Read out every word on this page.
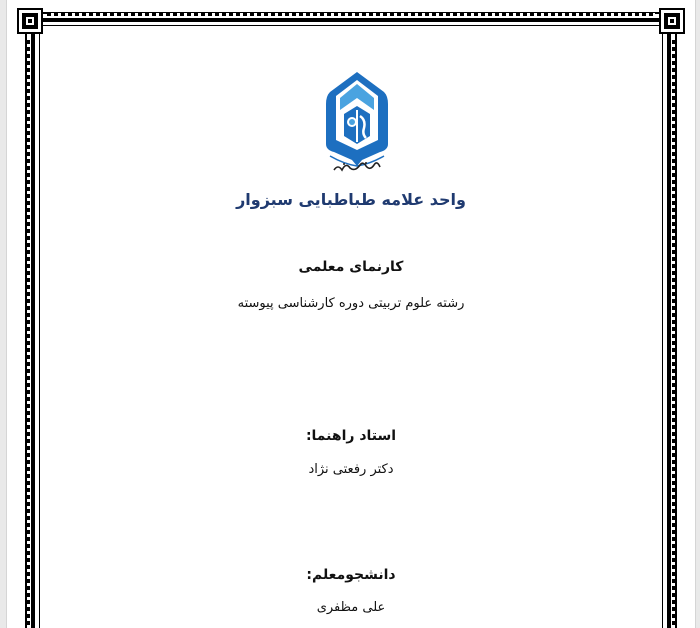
واحد علامه طباطبایی سبزوار
کارنمای معلمی
رشته علوم تربیتی دوره کارشناسی پیوسته
استاد راهنما:
دکتر رفعتی نژاد
دانشجومعلم:
علی مظفری
